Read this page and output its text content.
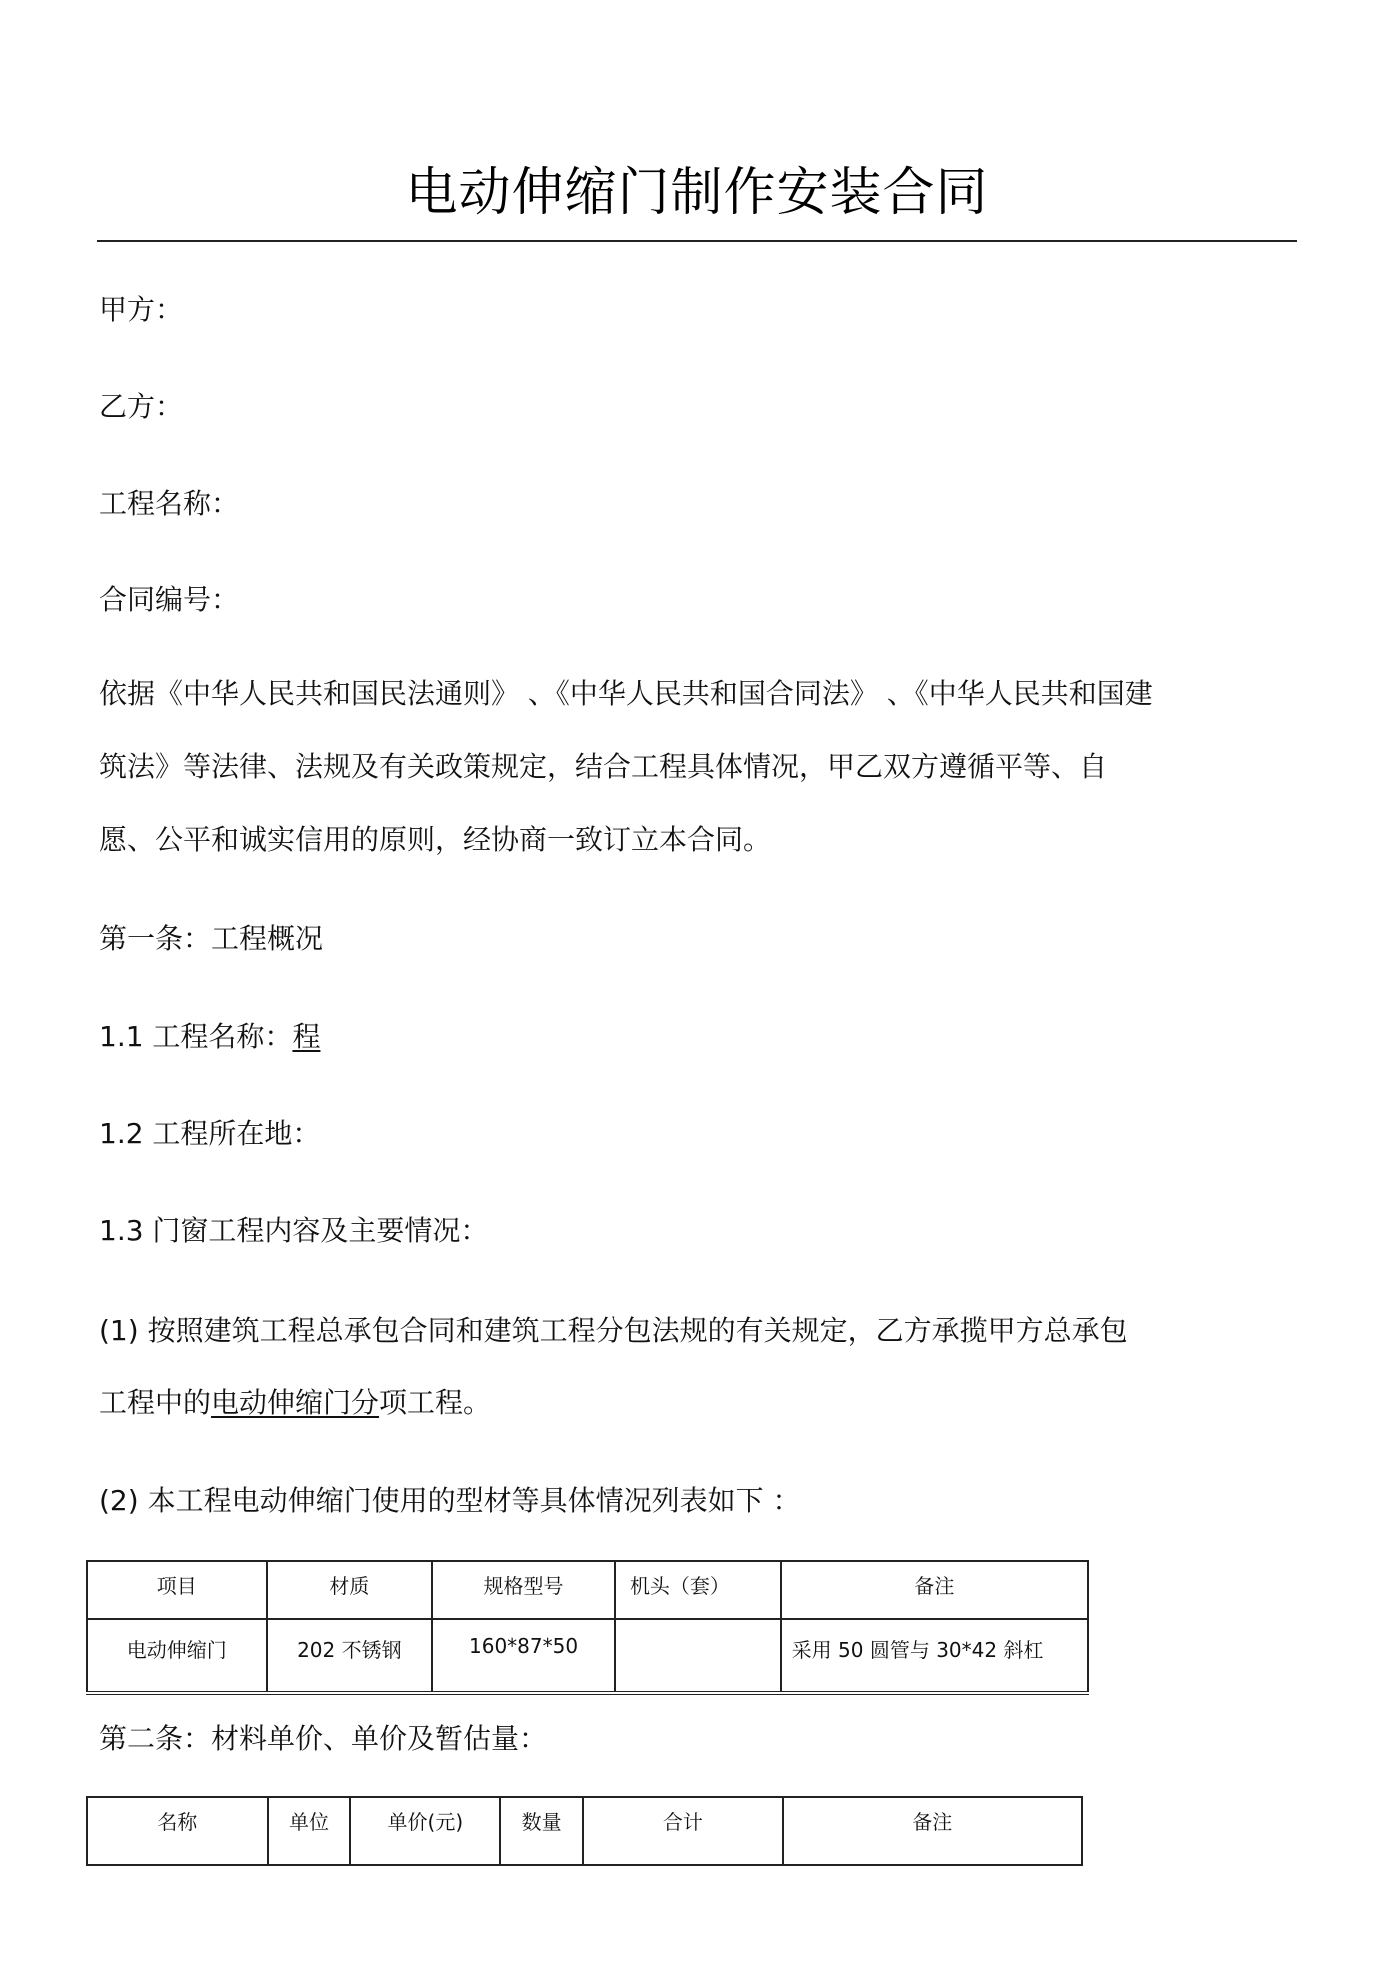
电动伸缩门制作安装合同
甲方：
乙方：
工程名称：
合同编号：
依据《中华人民共和国民法通则》 、《中华人民共和国合同法》 、《中华人民共和国建
筑法》等法律、法规及有关政策规定，结合工程具体情况，甲乙双方遵循平等、自
愿、公平和诚实信用的原则，经协商一致订立本合同。
第一条：工程概况
1.1 工程名称：程
1.2 工程所在地：
1.3 门窗工程内容及主要情况：
(1) 按照建筑工程总承包合同和建筑工程分包法规的有关规定，乙方承揽甲方总承包
工程中的电动伸缩门分项工程。
(2) 本工程电动伸缩门使用的型材等具体情况列表如下 ：
项目	材质	规格型号	机头（套）	备注
电动伸缩门	202 不锈钢	160*87*50		采用 50 圆管与 30*42 斜杠
第二条：材料单价、单价及暂估量：
名称	单位	单价(元)	数量	合计	备注
